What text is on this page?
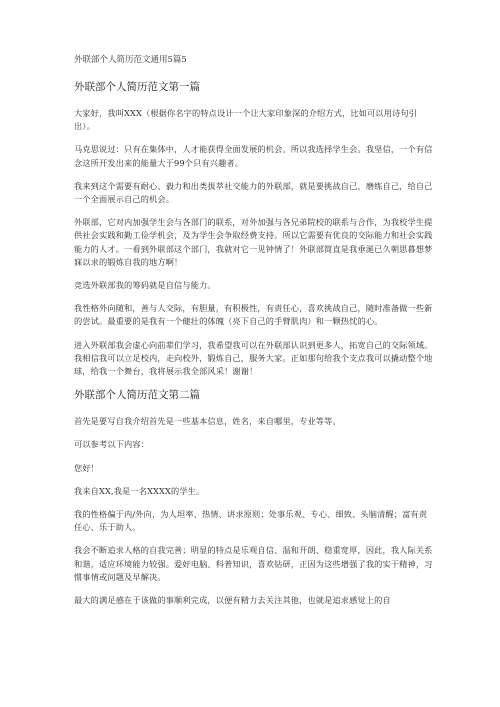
外联部个人简历范文通用5篇5
外联部个人简历范文第一篇

大家好，我叫XXX（根据你名字的特点设计一个让大家印象深的介绍方式，比如可以用诗句引出）。

马克思说过：只有在集体中，人才能获得全面发展的机会。所以我选择学生会。我坚信，一个有信念这所开发出来的能量大于99个只有兴趣者。

我来到这个需要有耐心、毅力和出类拔萃社交能力的外联部，就是要挑战自己，磨练自己，给自己一个全面展示自己的机会。

外联部，它对内加强学生会与各部门的联系，对外加强与各兄弟院校的联系与合作，为我校学生提供社会实践和勤工俭学机会，及为学生会争取经费支持。所以它需要有优良的交际能力和社会实践能力的人才。一看到外联部这个部门，我就对它一见钟情了！外联部简直是我垂涎已久朝思暮想梦寐以求的锻炼自我的地方啊！

竞选外联部我的筹码就是自信与能力。

我性格外向随和，善与人交际，有胆量，有积极性，有责任心，喜欢挑战自己，随时准备做一些新的尝试。最重要的是我有一个健壮的体魄（亮下自己的手臂肌肉）和一颗热忱的心。

进入外联部我会虚心向前辈们学习，我希望我可以在外联部认识到更多人，拓宽自己的交际领域。我相信我可以立足校内，走向校外，锻炼自己，服务大家。正如那句给我个支点我可以撬动整个地球，给我一个舞台，我将展示我全部风采！谢谢！

外联部个人简历范文第二篇

首先是要写自我介绍首先是一些基本信息，姓名，来自哪里，专业等等。

可以参考以下内容：

您好！

我来自XX,我是一名XXXX的学生。

我的性格偏于内/外向，为人坦率、热情、讲求原则；处事乐观、专心、细致、头脑清醒；富有责任心、乐于助人。

我会不断追求人格的自我完善；明显的特点是乐观自信、温和开朗、稳重宽厚，因此，我人际关系和谐，适应环境能力较强。爱好电脑、科普知识，喜欢钻研，正因为这些增强了我的实干精神，习惯事情或问题及早解决。

最大的满足感在于该做的事顺利完成，以便有精力去关注其他，也就是追求感觉上的自
